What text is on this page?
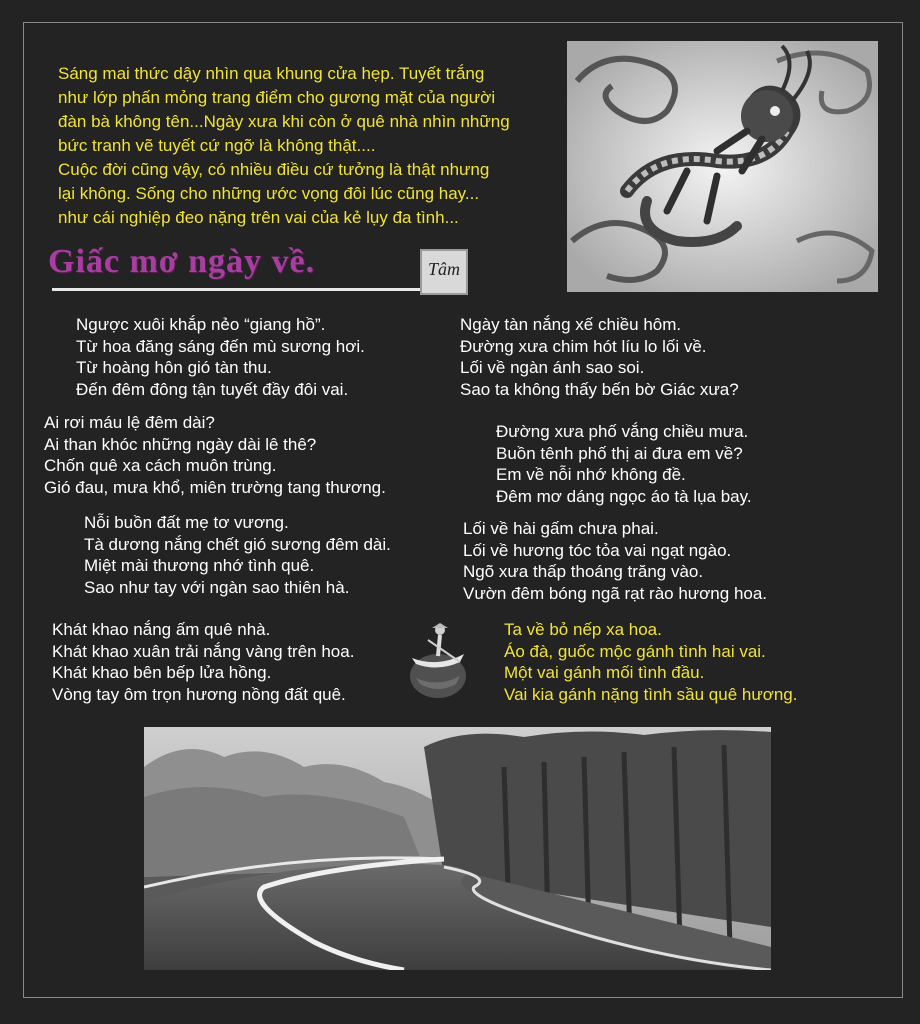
Sáng mai thức dậy nhìn qua khung cửa hẹp. Tuyết trắng

như lớp phấn mỏng trang điểm cho gương mặt của người

đàn bà không tên...Ngày xưa khi còn ở quê nhà nhìn những

bức tranh vẽ tuyết cứ ngỡ là không thật....

Cuộc đời cũng vậy, có nhiều điều cứ tưởng là thật nhưng

lại không. Sống cho những ước vọng đôi lúc cũng hay...

như cái nghiệp đeo nặng trên vai của kẻ lụy đa tình...

Giấc mơ ngày về.	Tâm
Ngược xuôi khắp nẻo “giang hồ”.
Từ hoa đăng sáng đến mù sương hơi.
Từ hoàng hôn gió tàn thu.
Đến đêm đông tận tuyết đầy đôi vai.
Ai rơi máu lệ đêm dài?
Ai than khóc những ngày dài lê thê?
Chốn quê xa cách muôn trùng.
Gió đau, mưa khổ, miên trường tang thương.
Nỗi buồn đất mẹ tơ vương.
Tà dương nắng chết gió sương đêm dài.
Miệt mài thương nhớ tình quê.
Sao như tay với ngàn sao thiên hà.
Khát khao nắng ấm quê nhà.
Khát khao xuân trải nắng vàng trên hoa.
Khát khao bên bếp lửa hồng.
Vòng tay ôm trọn hương nồng đất quê.
Ngày tàn nắng xế chiều hôm.
Đường xưa chim hót líu lo lối về.
Lối về ngàn ánh sao soi.
Sao ta không thấy bến bờ Giác xưa?
Đường xưa phố vắng chiều mưa.
Buồn tênh phố thị ai đưa em về?
Em về nỗi nhớ không đề.
Đêm mơ dáng ngọc áo tà lụa bay.
Lối về hài gấm chưa phai.
Lối về hương tóc tỏa vai ngạt ngào.
Ngõ xưa thấp thoáng trăng vào.
Vườn đêm bóng ngã rạt rào hương hoa.
Ta về bỏ nếp xa hoa.
Áo đà, guốc mộc gánh tình hai vai.
Một vai gánh mối tình đầu.
Vai kia gánh nặng tình sầu quê hương.
